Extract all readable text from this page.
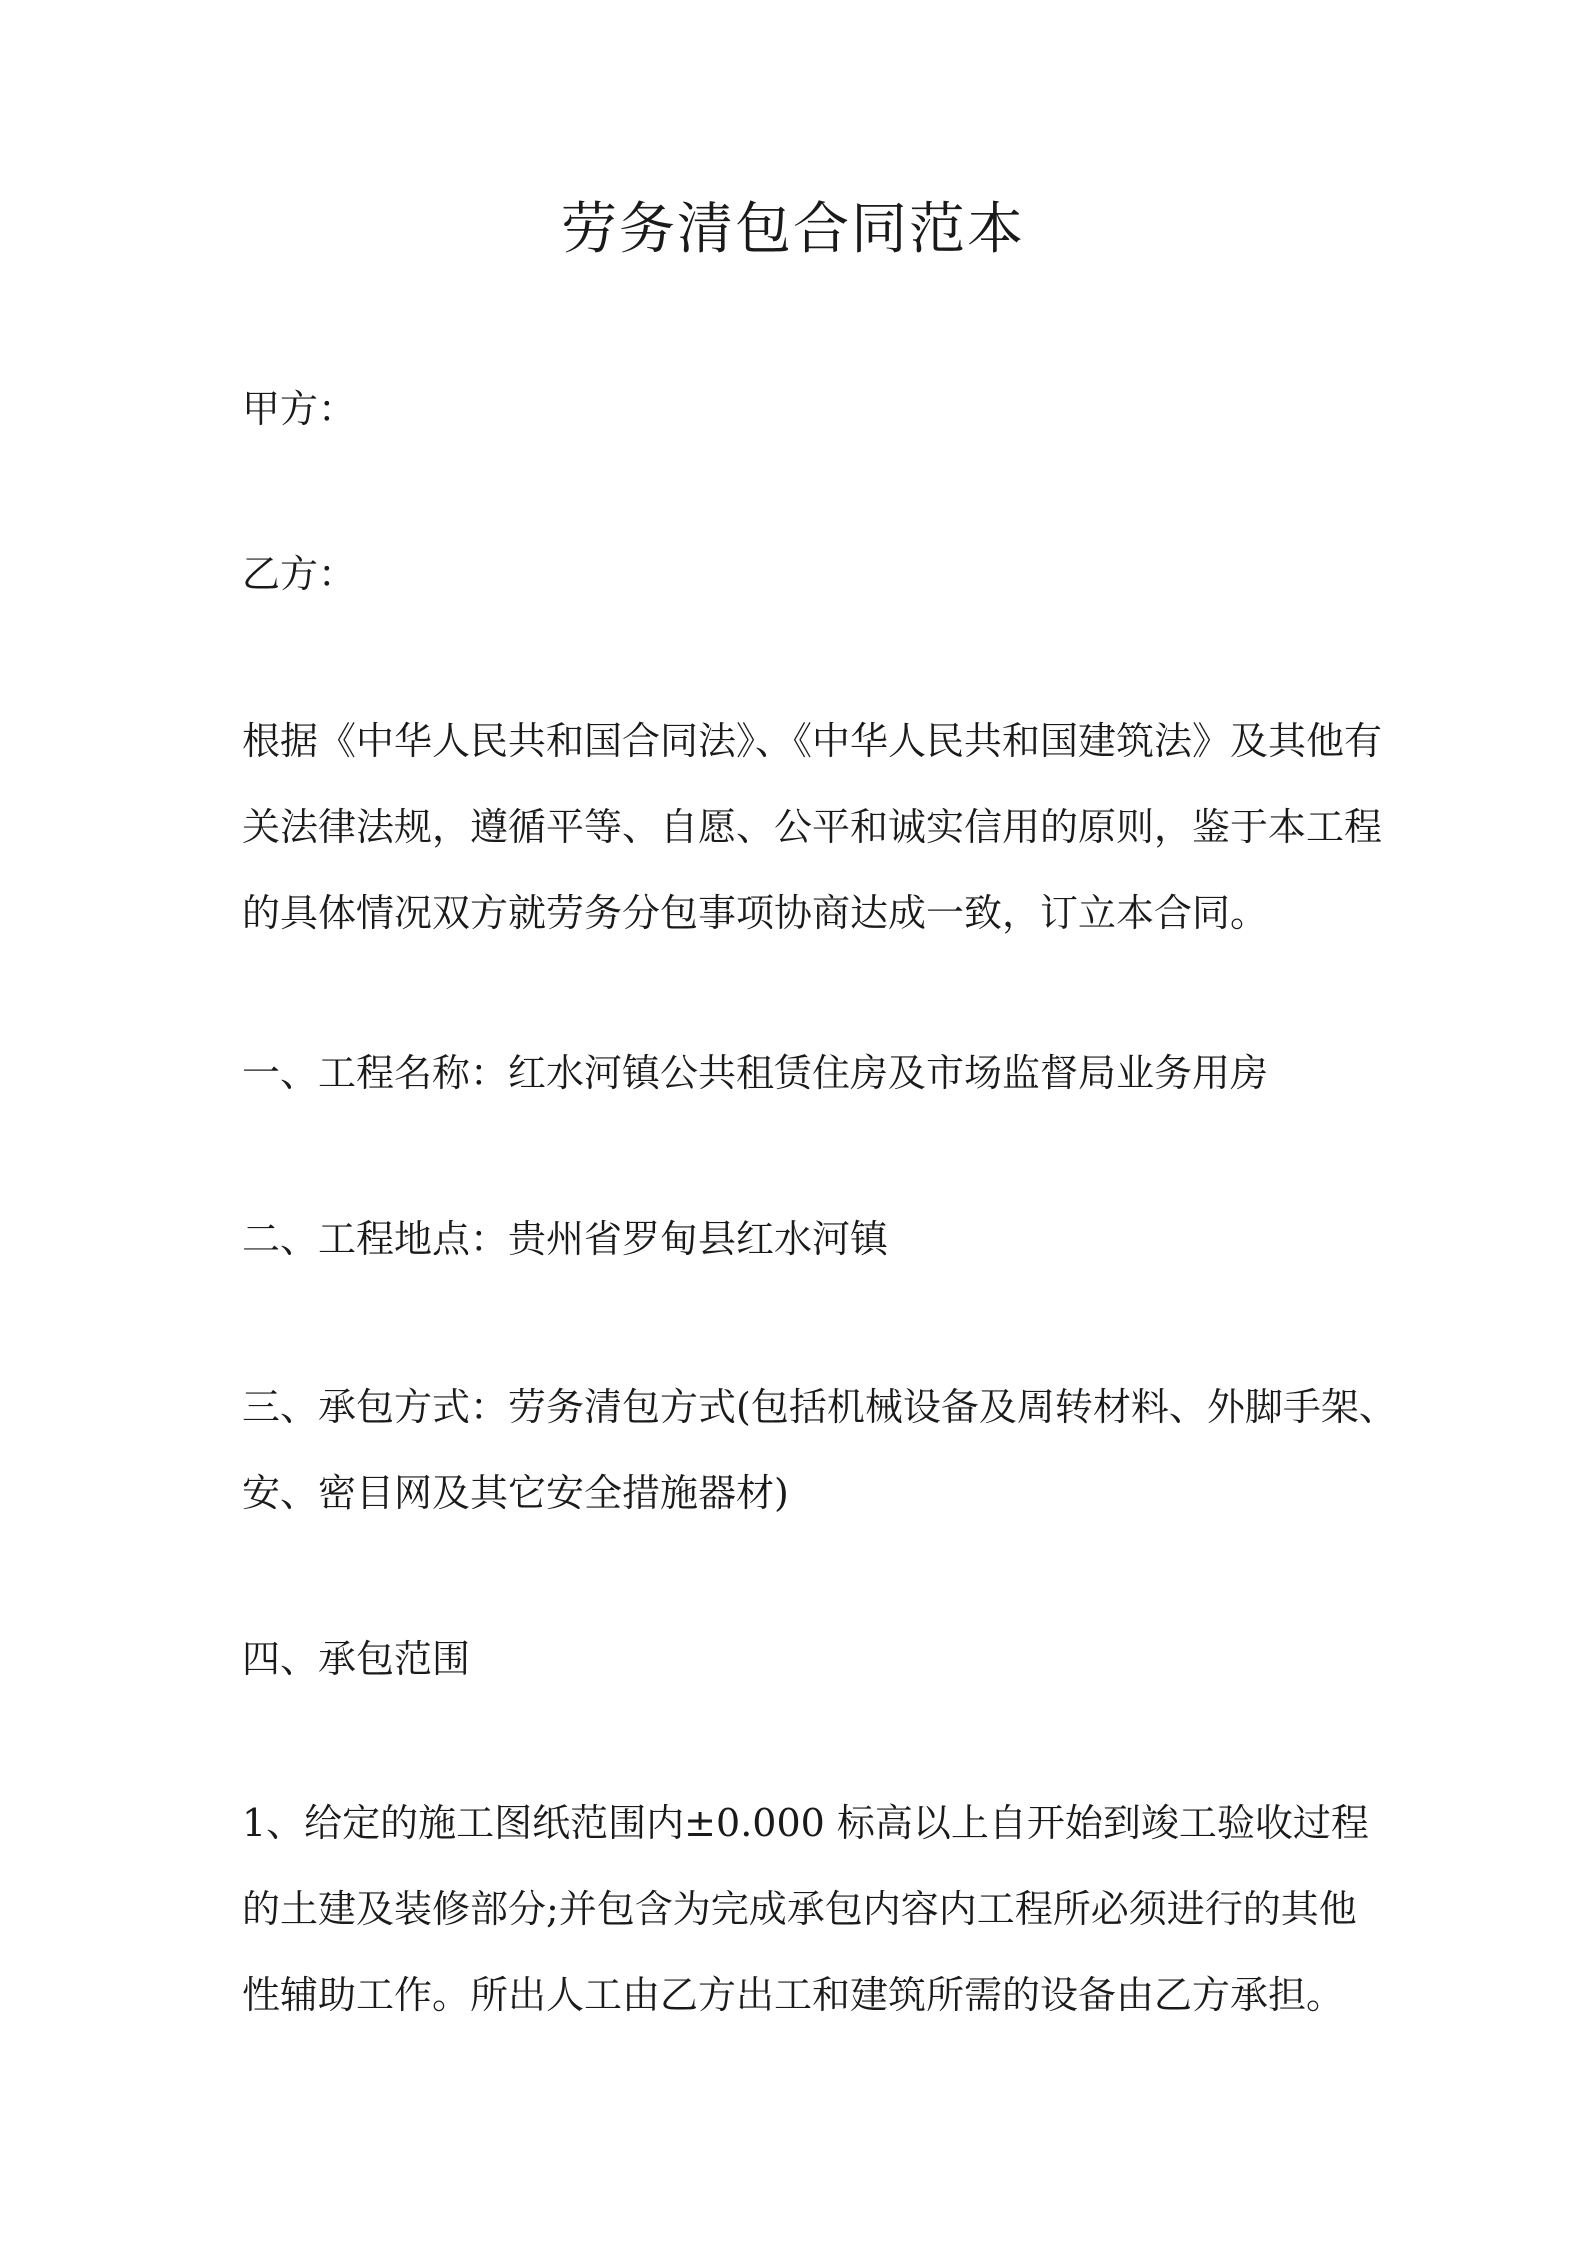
劳务清包合同范本

甲方：

乙方：

根据《中华人民共和国合同法》、《中华人民共和国建筑法》及其他有
关法律法规，遵循平等、自愿、公平和诚实信用的原则，鉴于本工程
的具体情况双方就劳务分包事项协商达成一致，订立本合同。

一、工程名称：红水河镇公共租赁住房及市场监督局业务用房

二、工程地点：贵州省罗甸县红水河镇

三、承包方式：劳务清包方式(包括机械设备及周转材料、外脚手架、
安、密目网及其它安全措施器材)

四、承包范围

1、给定的施工图纸范围内±0.000 标高以上自开始到竣工验收过程
的土建及装修部分;并包含为完成承包内容内工程所必须进行的其他
性辅助工作。所出人工由乙方出工和建筑所需的设备由乙方承担。
